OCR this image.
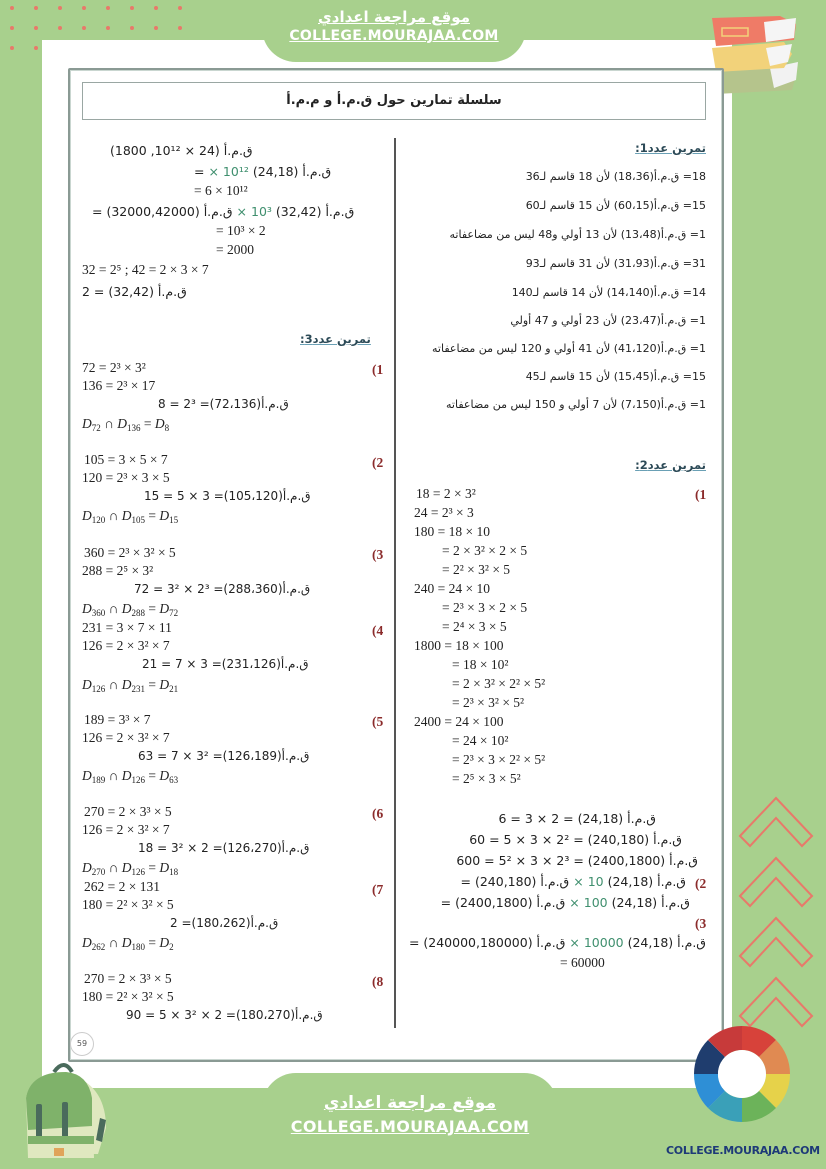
موقع مراجعة اعدادي
COLLEGE.MOURAJAA.COM
سلسلة تمارين حول ق.م.أ و م.م.أ
تمرين عدد1:
18= ق.م.أ(18،36) لأن 18 قاسم لـ36
15= ق.م.أ(60،15) لأن 15 قاسم لـ60
1= ق.م.أ(13،48) لأن 13 أولي و48 ليس من مضاعفاته
31= ق.م.أ(31،93) لأن 31 قاسم لـ93
14= ق.م.أ(14،140) لأن 14 قاسم لـ140
1= ق.م.أ(23،47) لأن 23 أولي و 47 أولي
1= ق.م.أ(41،120) لأن 41 أولي و 120 ليس من مضاعفاته
15= ق.م.أ(15،45) لأن 15 قاسم لـ45
1= ق.م.أ(7،150) لأن 7 أولي و 150 ليس من مضاعفاته
تمرين عدد2:
(1
18 = 2 × 3²
24 = 2³ × 3
180 = 18 × 10
= 2 × 3² × 2 × 5
= 2² × 3² × 5
240 = 24 × 10
= 2³ × 3 × 2 × 5
= 2⁴ × 3 × 5
1800 = 18 × 100
= 18 × 10²
= 2 × 3² × 2² × 5²
= 2³ × 3² × 5²
2400 = 24 × 100
= 24 × 10²
= 2³ × 3 × 2² × 5²
= 2⁵ × 3 × 5²
ق.م.أ (24,18) = 2 × 3 = 6
ق.م.أ (240,180) = 2² × 3 × 5 = 60
ق.م.أ (2400,1800) = 2³ × 3 × 5² = 600
(2
ق.م.أ (24,18) 10 × ق.م.أ (240,180) =
ق.م.أ (24,18) 100 × ق.م.أ (2400,1800) =
(3
ق.م.أ (24,18) 10000 × ق.م.أ (240000,180000) =
= 60000
ق.م.أ (24 × 10¹², 1800)
ق.م.أ (24,18) 10¹² × =
= 6 × 10¹²
ق.م.أ (32,42) 10³ × ق.م.أ (32000,42000) =
= 10³ × 2
= 2000
32 = 2⁵ ; 42 = 2 × 3 × 7
ق.م.أ (32,42) = 2
تمرين عدد3:
(1
72 = 2³ × 3²
136 = 2³ × 17
ق.م.أ(72،136)= 2³ = 8
$D_{72}$ ∩ $D_{136} = D_8$
(2
105 = 3 × 5 × 7
120 = 2³ × 3 × 5
ق.م.أ(105،120)= 3 × 5 = 15
$D_{120}$ ∩ $D_{105} = D_{15}$
(3
360 = 2³ × 3² × 5
288 = 2⁵ × 3²
ق.م.أ(288،360)= 2³ × 3² = 72
$D_{360}$ ∩ $D_{288} = D_{72}$
(4
231 = 3 × 7 × 11
126 = 2 × 3² × 7
ق.م.أ(231،126)= 3 × 7 = 21
$D_{126}$ ∩ $D_{231} = D_{21}$
(5
189 = 3³ × 7
126 = 2 × 3² × 7
ق.م.أ(126،189)= 3² × 7 = 63
$D_{189}$ ∩ $D_{126} = D_{63}$
(6
270 = 2 × 3³ × 5
126 = 2 × 3² × 7
ق.م.أ(126،270)= 2 × 3² = 18
$D_{270}$ ∩ $D_{126} = D_{18}$
(7
262 = 2 × 131
180 = 2² × 3² × 5
ق.م.أ(180،262)= 2
$D_{262}$ ∩ $D_{180} = D_2$
(8
270 = 2 × 3³ × 5
180 = 2² × 3² × 5
ق.م.أ(180،270)= 2 × 3² × 5 = 90
59
موقع مراجعة اعدادي
COLLEGE.MOURAJAA.COM
COLLEGE.MOURAJAA.COM
